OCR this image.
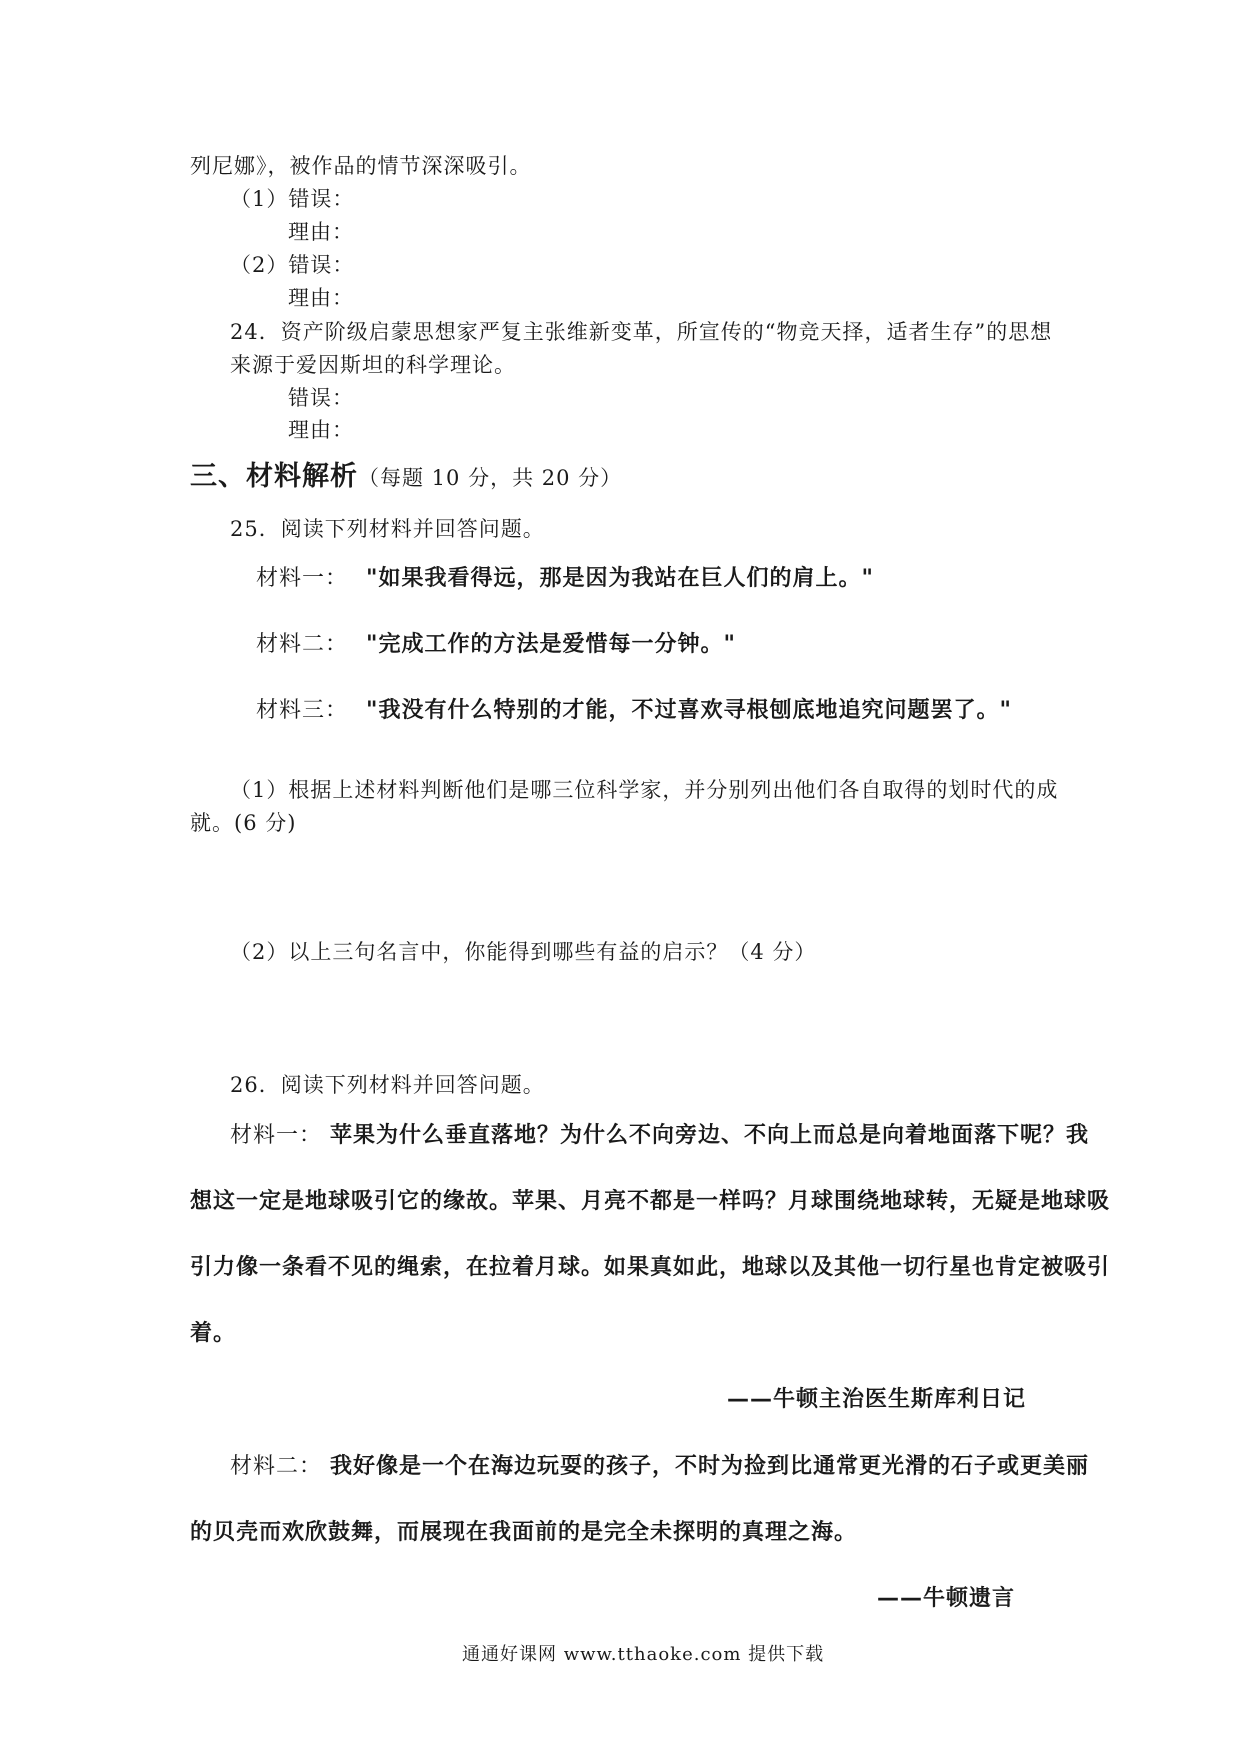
列尼娜》，被作品的情节深深吸引。
（1）错误：
理由：
（2）错误：
理由：
24．资产阶级启蒙思想家严复主张维新变革，所宣传的“物竞天择，适者生存”的思想
来源于爱因斯坦的科学理论。
错误：
理由：
三、材料解析（每题 10 分，共 20 分）
25．阅读下列材料并回答问题。
材料一： "如果我看得远，那是因为我站在巨人们的肩上。"
材料二： "完成工作的方法是爱惜每一分钟。"
材料三： "我没有什么特别的才能，不过喜欢寻根刨底地追究问题罢了。"
（1）根据上述材料判断他们是哪三位科学家，并分别列出他们各自取得的划时代的成
就。(6 分)
（2）以上三句名言中，你能得到哪些有益的启示？（4 分）
26．阅读下列材料并回答问题。
材料一： 苹果为什么垂直落地？为什么不向旁边、不向上而总是向着地面落下呢？我
想这一定是地球吸引它的缘故。苹果、月亮不都是一样吗？月球围绕地球转，无疑是地球吸
引力像一条看不见的绳索，在拉着月球。如果真如此，地球以及其他一切行星也肯定被吸引
着。
——牛顿主治医生斯库利日记
材料二： 我好像是一个在海边玩耍的孩子，不时为捡到比通常更光滑的石子或更美丽
的贝壳而欢欣鼓舞，而展现在我面前的是完全未探明的真理之海。
——牛顿遗言
通通好课网 www.tthaoke.com 提供下载
